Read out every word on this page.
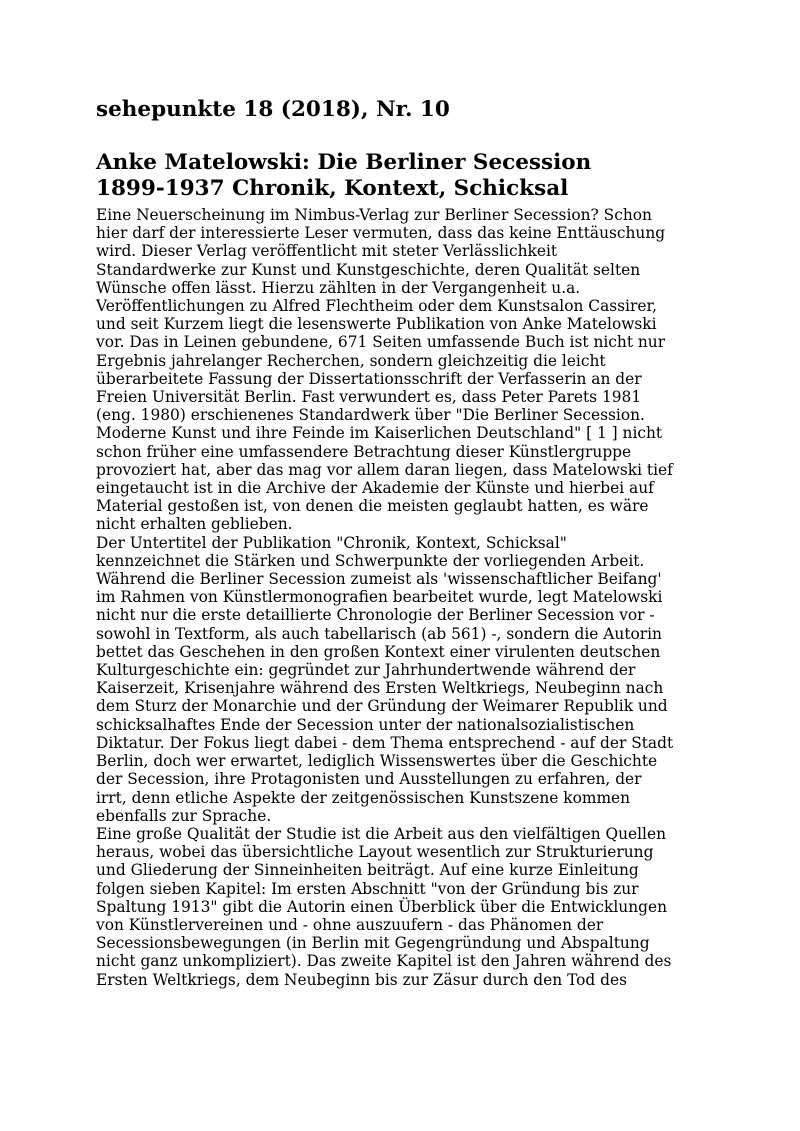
sehepunkte 18 (2018), Nr. 10
Anke Matelowski: Die Berliner Secession
1899-1937 Chronik, Kontext, Schicksal
Eine Neuerscheinung im Nimbus-Verlag zur Berliner Secession? Schon
hier darf der interessierte Leser vermuten, dass das keine Enttäuschung
wird. Dieser Verlag veröffentlicht mit steter Verlässlichkeit
Standardwerke zur Kunst und Kunstgeschichte, deren Qualität selten
Wünsche offen lässt. Hierzu zählten in der Vergangenheit u.a.
Veröffentlichungen zu Alfred Flechtheim oder dem Kunstsalon Cassirer,
und seit Kurzem liegt die lesenswerte Publikation von Anke Matelowski
vor. Das in Leinen gebundene, 671 Seiten umfassende Buch ist nicht nur
Ergebnis jahrelanger Recherchen, sondern gleichzeitig die leicht
überarbeitete Fassung der Dissertationsschrift der Verfasserin an der
Freien Universität Berlin. Fast verwundert es, dass Peter Parets 1981
(eng. 1980) erschienenes Standardwerk über "Die Berliner Secession.
Moderne Kunst und ihre Feinde im Kaiserlichen Deutschland" [ 1 ] nicht
schon früher eine umfassendere Betrachtung dieser Künstlergruppe
provoziert hat, aber das mag vor allem daran liegen, dass Matelowski tief
eingetaucht ist in die Archive der Akademie der Künste und hierbei auf
Material gestoßen ist, von denen die meisten geglaubt hatten, es wäre
nicht erhalten geblieben.
Der Untertitel der Publikation "Chronik, Kontext, Schicksal"
kennzeichnet die Stärken und Schwerpunkte der vorliegenden Arbeit.
Während die Berliner Secession zumeist als 'wissenschaftlicher Beifang'
im Rahmen von Künstlermonografien bearbeitet wurde, legt Matelowski
nicht nur die erste detaillierte Chronologie der Berliner Secession vor -
sowohl in Textform, als auch tabellarisch (ab 561) -, sondern die Autorin
bettet das Geschehen in den großen Kontext einer virulenten deutschen
Kulturgeschichte ein: gegründet zur Jahrhundertwende während der
Kaiserzeit, Krisenjahre während des Ersten Weltkriegs, Neubeginn nach
dem Sturz der Monarchie und der Gründung der Weimarer Republik und
schicksalhaftes Ende der Secession unter der nationalsozialistischen
Diktatur. Der Fokus liegt dabei - dem Thema entsprechend - auf der Stadt
Berlin, doch wer erwartet, lediglich Wissenswertes über die Geschichte
der Secession, ihre Protagonisten und Ausstellungen zu erfahren, der
irrt, denn etliche Aspekte der zeitgenössischen Kunstszene kommen
ebenfalls zur Sprache.
Eine große Qualität der Studie ist die Arbeit aus den vielfältigen Quellen
heraus, wobei das übersichtliche Layout wesentlich zur Strukturierung
und Gliederung der Sinneinheiten beiträgt. Auf eine kurze Einleitung
folgen sieben Kapitel: Im ersten Abschnitt "von der Gründung bis zur
Spaltung 1913" gibt die Autorin einen Überblick über die Entwicklungen
von Künstlervereinen und - ohne auszuufern - das Phänomen der
Secessionsbewegungen (in Berlin mit Gegengründung und Abspaltung
nicht ganz unkompliziert). Das zweite Kapitel ist den Jahren während des
Ersten Weltkriegs, dem Neubeginn bis zur Zäsur durch den Tod des
